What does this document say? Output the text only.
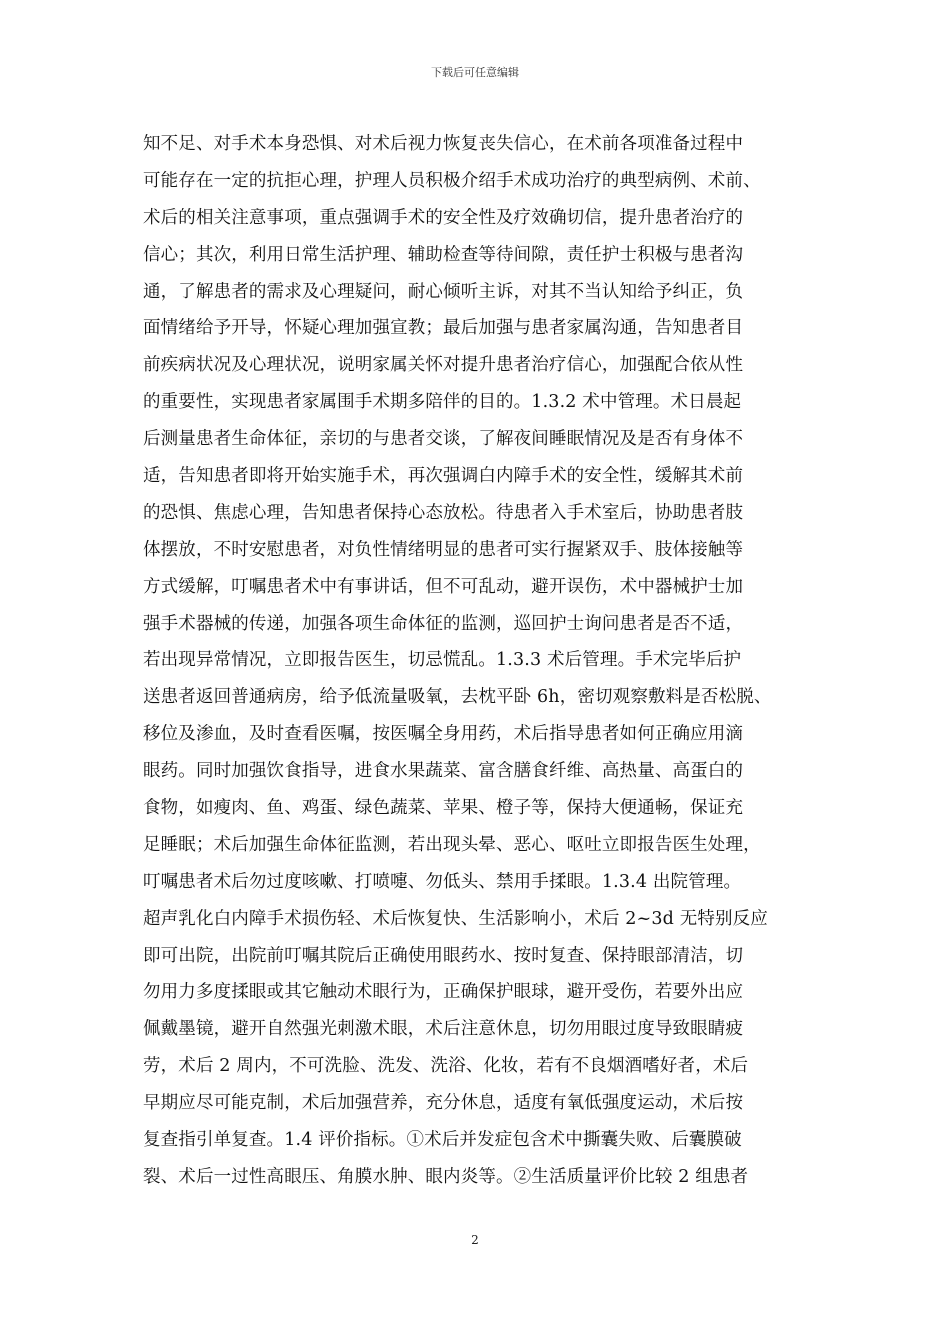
下载后可任意编辑
知不足、对手术本身恐惧、对术后视力恢复丧失信心，在术前各项准备过程中
可能存在一定的抗拒心理，护理人员积极介绍手术成功治疗的典型病例、术前、
术后的相关注意事项，重点强调手术的安全性及疗效确切信，提升患者治疗的
信心；其次，利用日常生活护理、辅助检查等待间隙，责任护士积极与患者沟
通，了解患者的需求及心理疑问，耐心倾听主诉，对其不当认知给予纠正，负
面情绪给予开导，怀疑心理加强宣教；最后加强与患者家属沟通，告知患者目
前疾病状况及心理状况，说明家属关怀对提升患者治疗信心，加强配合依从性
的重要性，实现患者家属围手术期多陪伴的目的。1.3.2 术中管理。术日晨起
后测量患者生命体征，亲切的与患者交谈，了解夜间睡眠情况及是否有身体不
适，告知患者即将开始实施手术，再次强调白内障手术的安全性，缓解其术前
的恐惧、焦虑心理，告知患者保持心态放松。待患者入手术室后，协助患者肢
体摆放，不时安慰患者，对负性情绪明显的患者可实行握紧双手、肢体接触等
方式缓解，叮嘱患者术中有事讲话，但不可乱动，避开误伤，术中器械护士加
强手术器械的传递，加强各项生命体征的监测，巡回护士询问患者是否不适，
若出现异常情况，立即报告医生，切忌慌乱。1.3.3 术后管理。手术完毕后护
送患者返回普通病房，给予低流量吸氧，去枕平卧 6h，密切观察敷料是否松脱、
移位及渗血，及时查看医嘱，按医嘱全身用药，术后指导患者如何正确应用滴
眼药。同时加强饮食指导，进食水果蔬菜、富含膳食纤维、高热量、高蛋白的
食物，如瘦肉、鱼、鸡蛋、绿色蔬菜、苹果、橙子等，保持大便通畅，保证充
足睡眠；术后加强生命体征监测，若出现头晕、恶心、呕吐立即报告医生处理，
叮嘱患者术后勿过度咳嗽、打喷嚏、勿低头、禁用手揉眼。1.3.4 出院管理。
超声乳化白内障手术损伤轻、术后恢复快、生活影响小，术后 2~3d 无特别反应
即可出院，出院前叮嘱其院后正确使用眼药水、按时复查、保持眼部清洁，切
勿用力多度揉眼或其它触动术眼行为，正确保护眼球，避开受伤，若要外出应
佩戴墨镜，避开自然强光刺激术眼，术后注意休息，切勿用眼过度导致眼睛疲
劳，术后 2 周内，不可洗脸、洗发、洗浴、化妆，若有不良烟酒嗜好者，术后
早期应尽可能克制，术后加强营养，充分休息，适度有氧低强度运动，术后按
复查指引单复查。1.4 评价指标。①术后并发症包含术中撕囊失败、后囊膜破
裂、术后一过性高眼压、角膜水肿、眼内炎等。②生活质量评价比较 2 组患者
2
